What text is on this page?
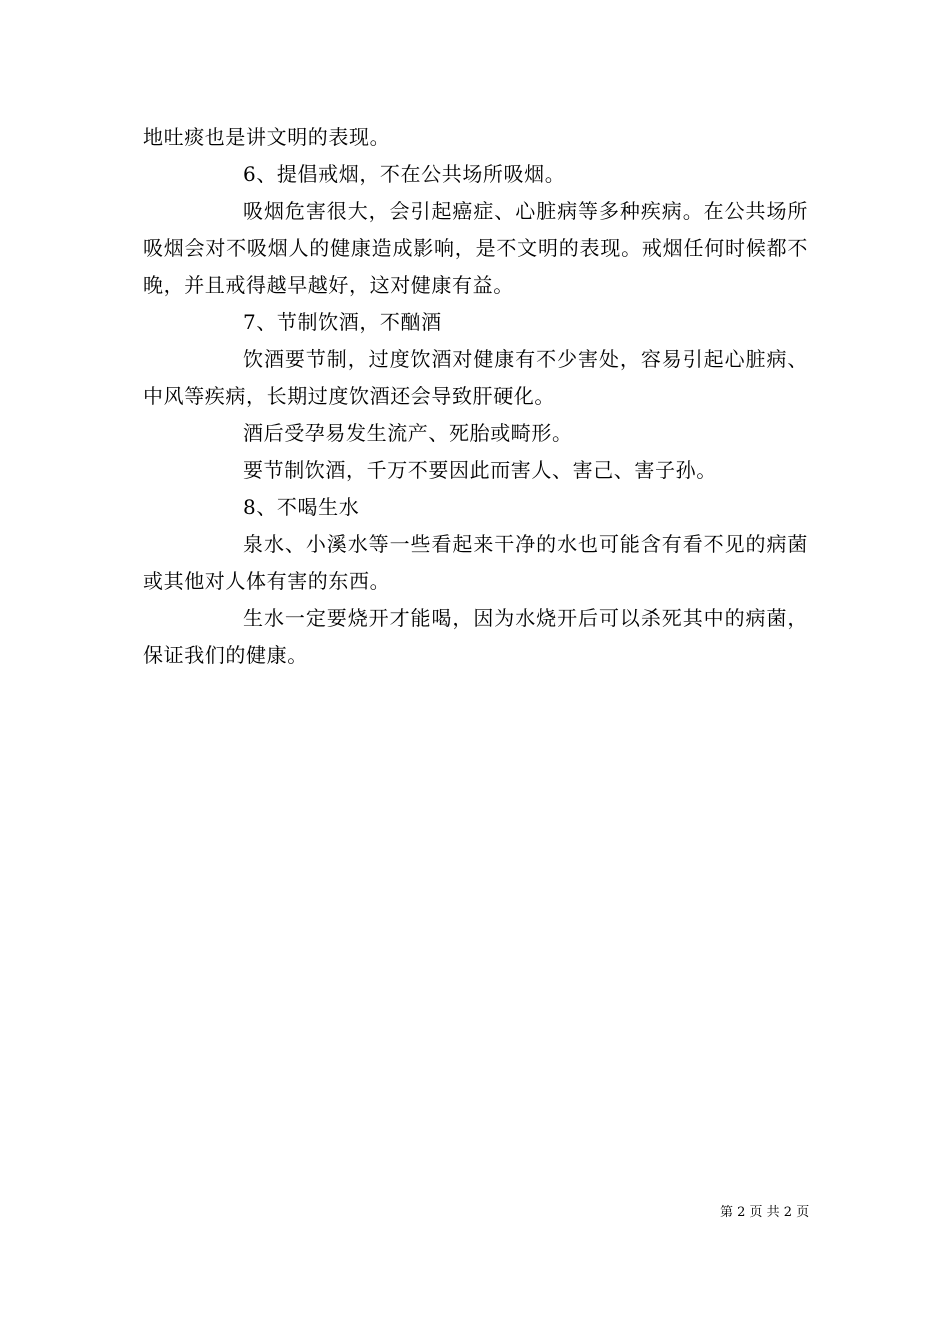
地吐痰也是讲文明的表现。

6、提倡戒烟，不在公共场所吸烟。

吸烟危害很大，会引起癌症、心脏病等多种疾病。在公共场所吸烟会对不吸烟人的健康造成影响，是不文明的表现。戒烟任何时候都不晚，并且戒得越早越好，这对健康有益。

7、节制饮酒，不酗酒

饮酒要节制，过度饮酒对健康有不少害处，容易引起心脏病、中风等疾病，长期过度饮酒还会导致肝硬化。

酒后受孕易发生流产、死胎或畸形。

要节制饮酒，千万不要因此而害人、害己、害子孙。

8、不喝生水

泉水、小溪水等一些看起来干净的水也可能含有看不见的病菌或其他对人体有害的东西。

生水一定要烧开才能喝，因为水烧开后可以杀死其中的病菌，保证我们的健康。

第 2 页 共 2 页
